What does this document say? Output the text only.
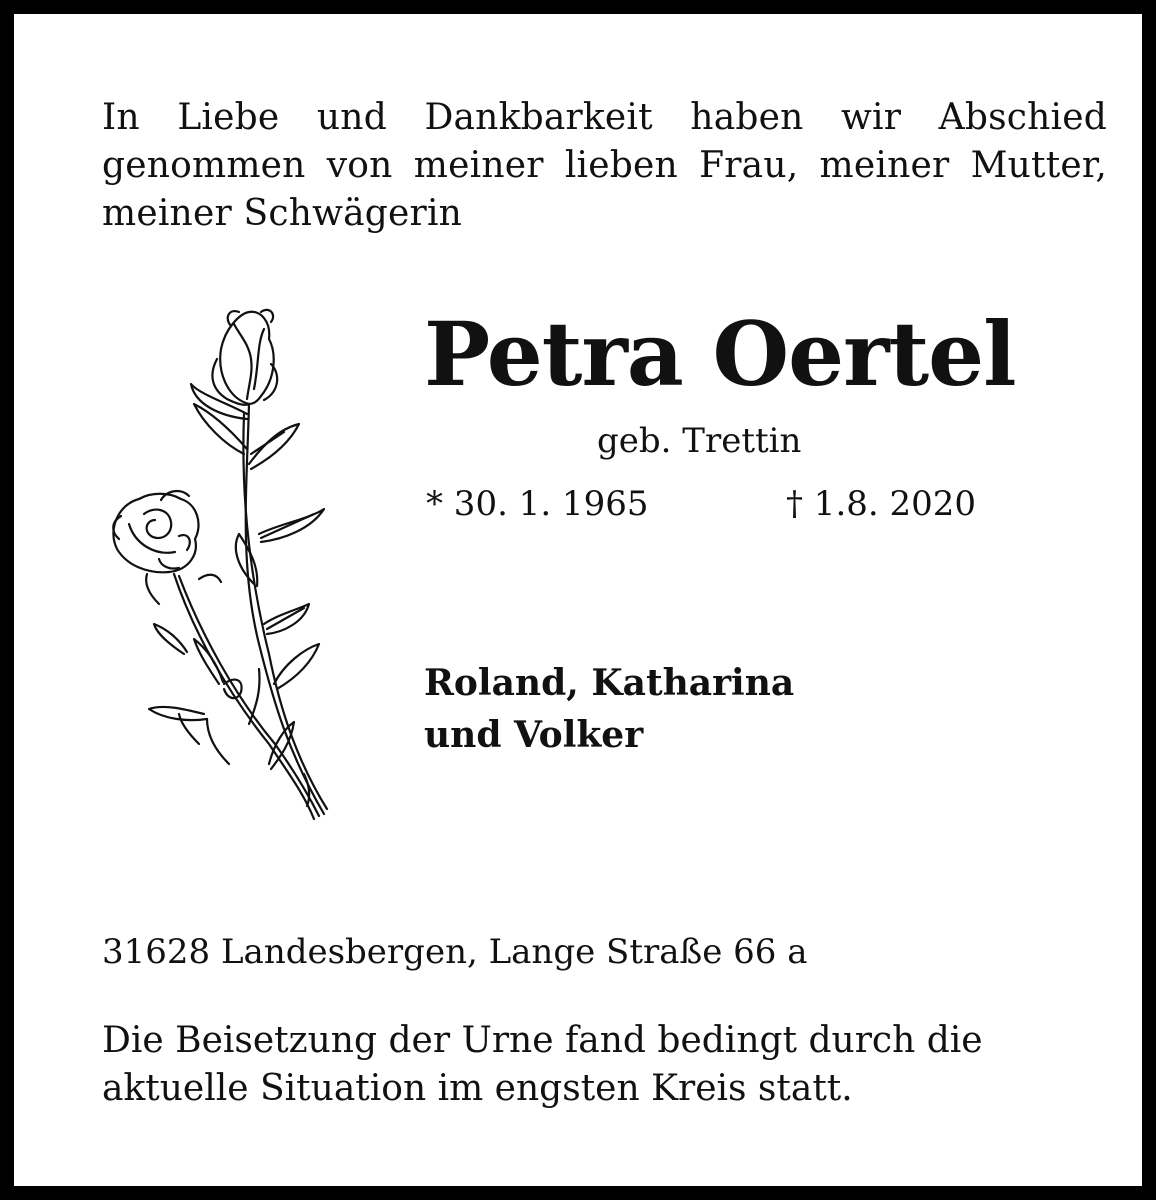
In Liebe und Dankbarkeit haben wir Abschied
genommen von meiner lieben Frau, meiner Mutter,
meiner Schwägerin
Petra Oertel
geb. Trettin
* 30. 1. 1965	† 1.8. 2020
Roland, Katharina
und Volker
31628 Landesbergen, Lange Straße 66 a
Die Beisetzung der Urne fand bedingt durch die
aktuelle Situation im engsten Kreis statt.
